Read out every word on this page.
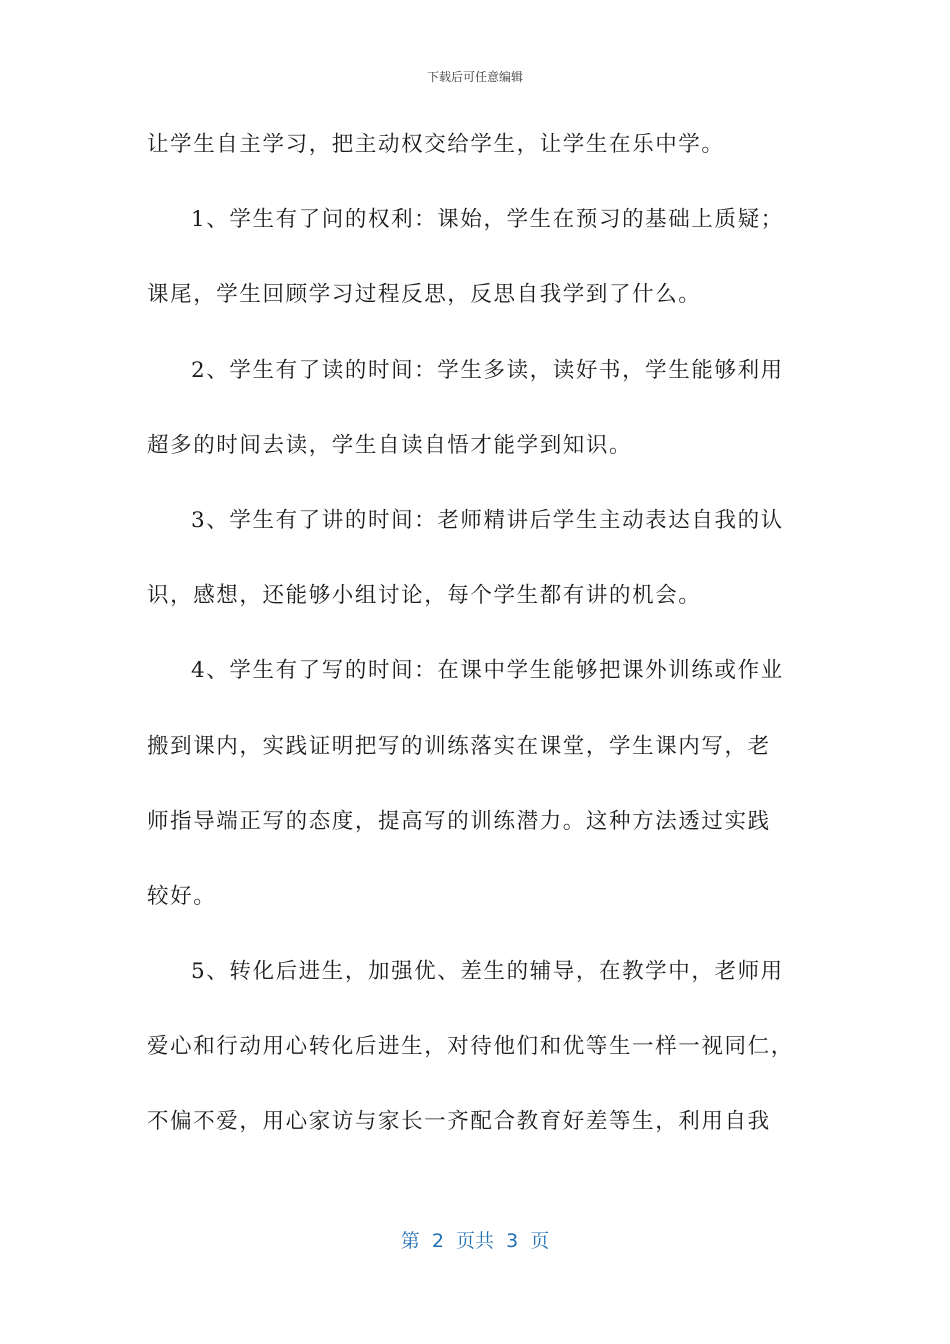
下载后可任意编辑
让学生自主学习，把主动权交给学生，让学生在乐中学。
1、学生有了问的权利：课始，学生在预习的基础上质疑；
课尾，学生回顾学习过程反思，反思自我学到了什么。
2、学生有了读的时间：学生多读，读好书，学生能够利用
超多的时间去读，学生自读自悟才能学到知识。
3、学生有了讲的时间：老师精讲后学生主动表达自我的认
识，感想，还能够小组讨论，每个学生都有讲的机会。
4、学生有了写的时间：在课中学生能够把课外训练或作业
搬到课内，实践证明把写的训练落实在课堂，学生课内写，老
师指导端正写的态度，提高写的训练潜力。这种方法透过实践
较好。
5、转化后进生，加强优、差生的辅导，在教学中，老师用
爱心和行动用心转化后进生，对待他们和优等生一样一视同仁，
不偏不爱，用心家访与家长一齐配合教育好差等生，利用自我
第  2  页共  3  页
